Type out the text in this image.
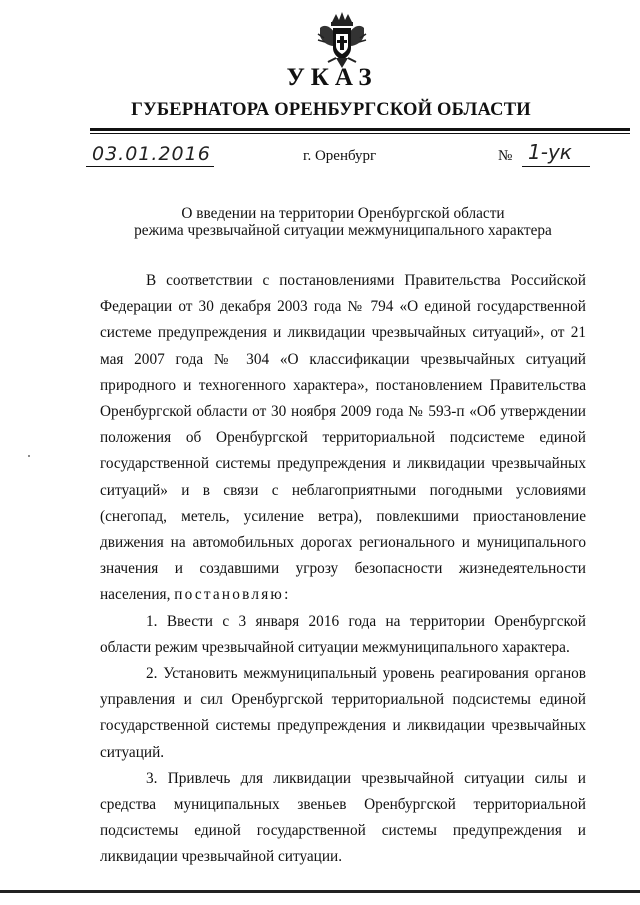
УКАЗ
ГУБЕРНАТОРА ОРЕНБУРГСКОЙ ОБЛАСТИ
03.01.2016	г. Оренбург	№ 1-ук
О введении на территории Оренбургской области
режима чрезвычайной ситуации межмуниципального характера

В соответствии с постановлениями Правительства Российской Федерации от 30 декабря 2003 года № 794 «О единой государственной системе предупреждения и ликвидации чрезвычайных ситуаций», от 21 мая 2007 года № 304 «О классификации чрезвычайных ситуаций природного и техногенного характера», постановлением Правительства Оренбургской области от 30 ноября 2009 года № 593-п «Об утверждении положения об Оренбургской территориальной подсистеме единой государственной системы предупреждения и ликвидации чрезвычайных ситуаций» и в связи с неблагоприятными погодными условиями (снегопад, метель, усиление ветра), повлекшими приостановление движения на автомобильных дорогах регионального и муниципального значения и создавшими угрозу безопасности жизнедеятельности населения, постановляю:

1. Ввести с 3 января 2016 года на территории Оренбургской области режим чрезвычайной ситуации межмуниципального характера.

2. Установить межмуниципальный уровень реагирования органов управления и сил Оренбургской территориальной подсистемы единой государственной системы предупреждения и ликвидации чрезвычайных ситуаций.

3. Привлечь для ликвидации чрезвычайной ситуации силы и средства муниципальных звеньев Оренбургской территориальной подсистемы единой государственной системы предупреждения и ликвидации чрезвычайной ситуации.
